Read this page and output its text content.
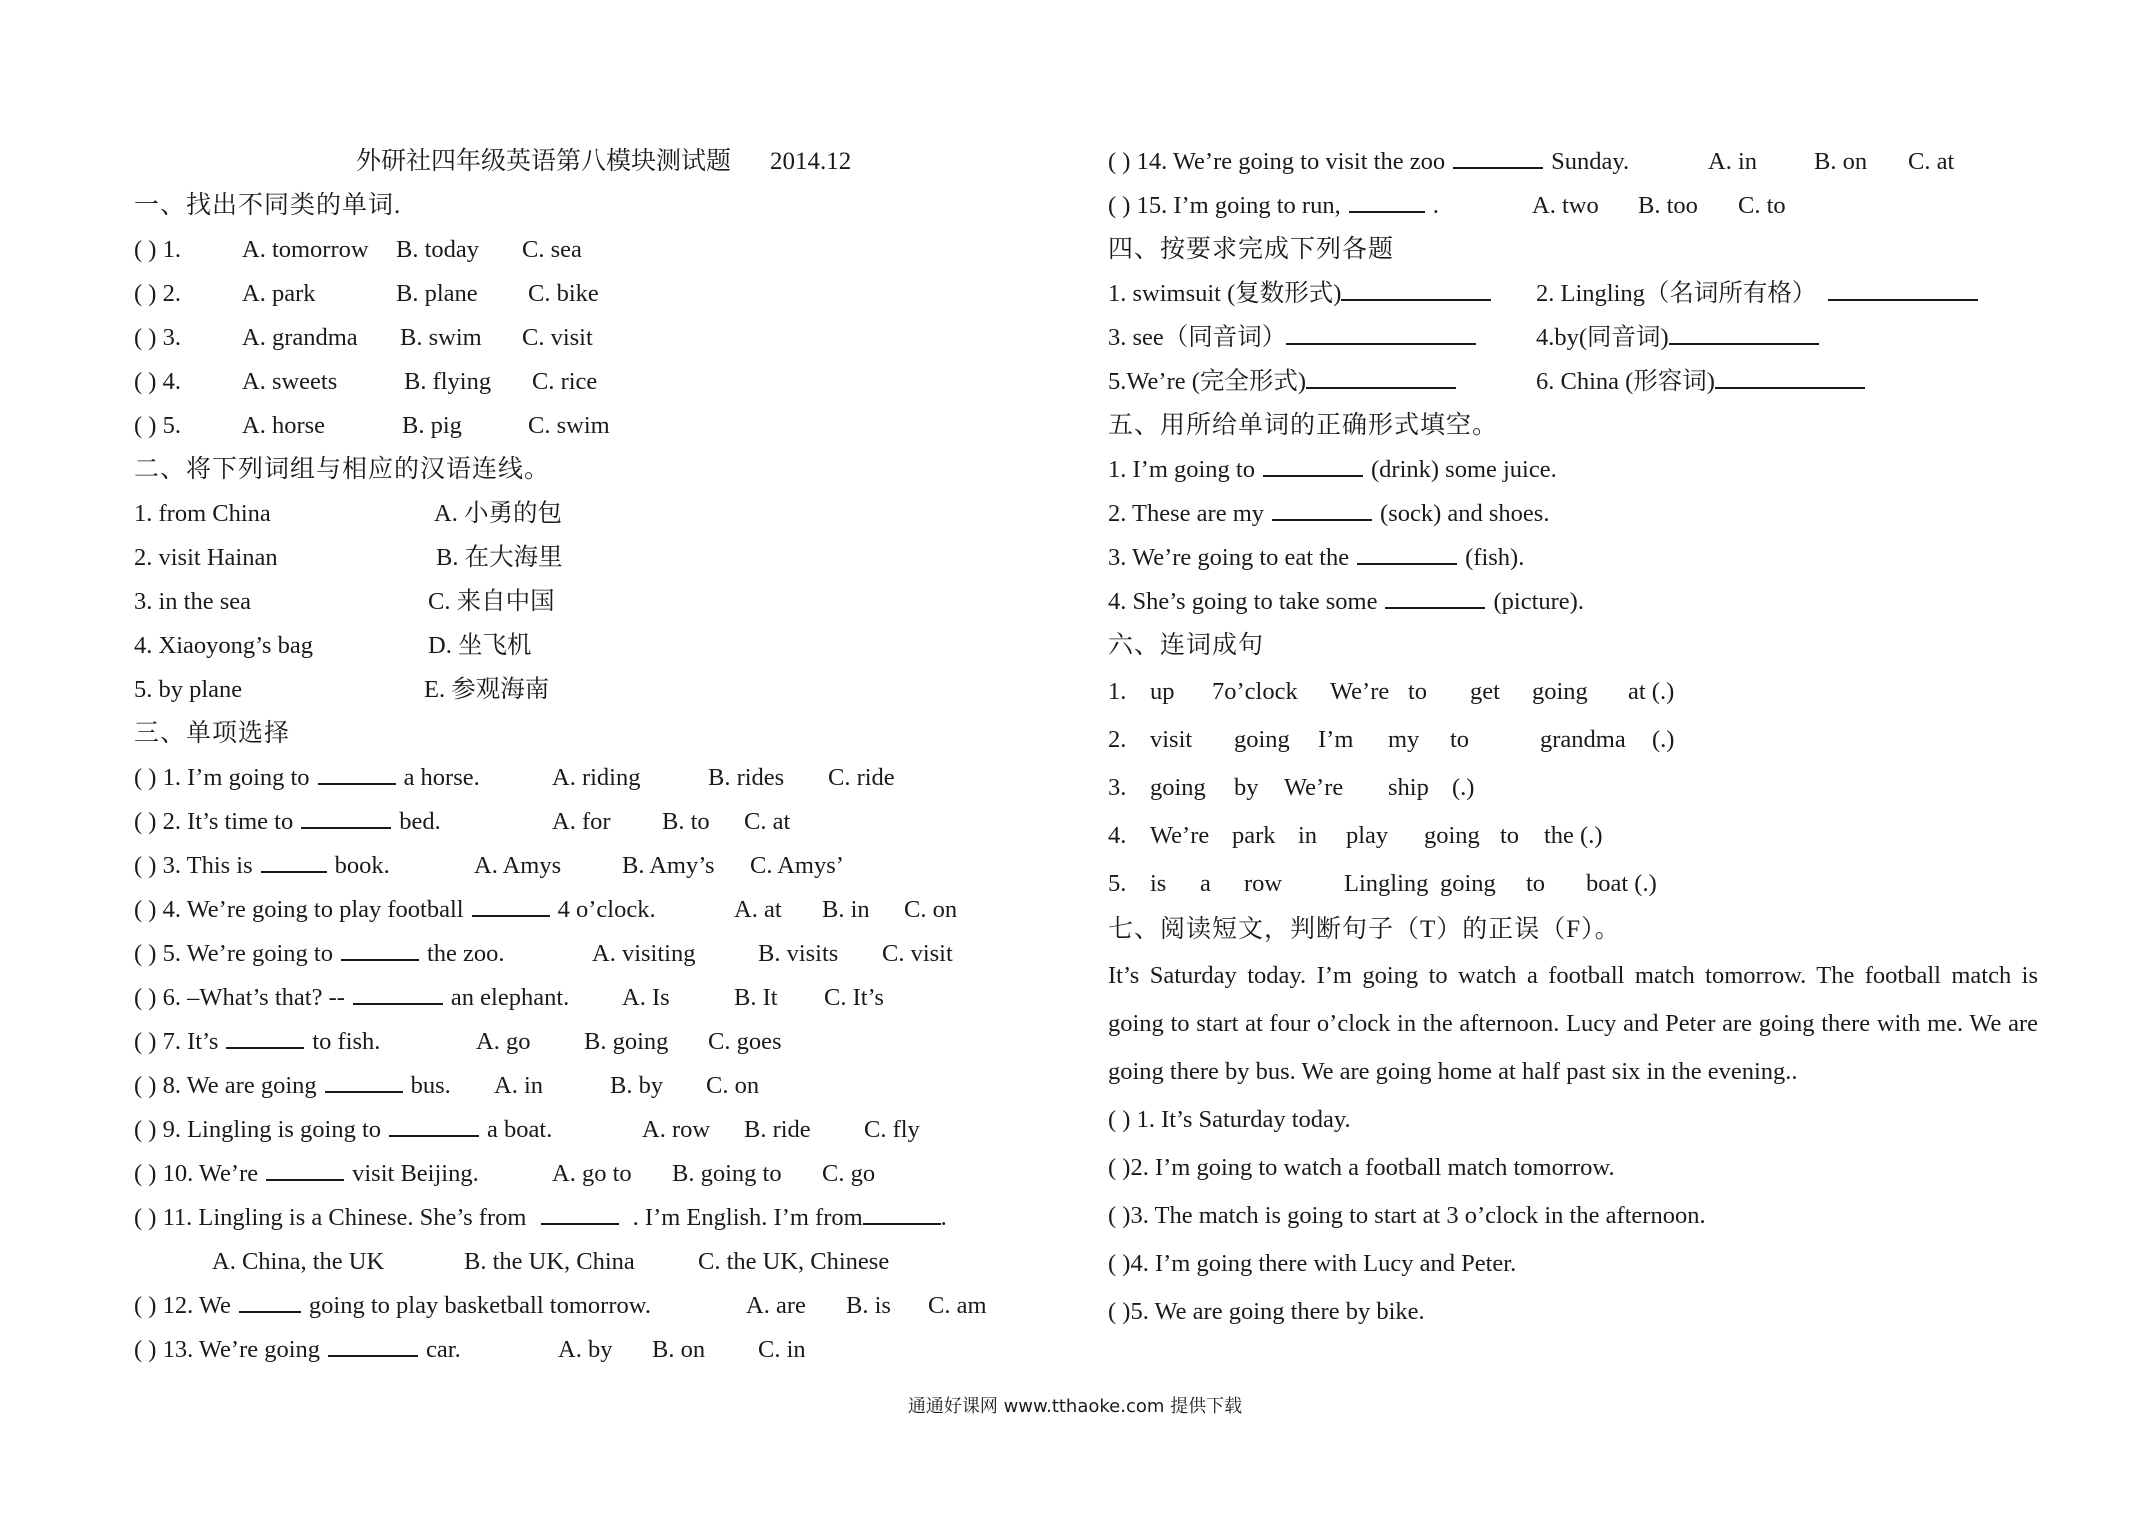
外研社四年级英语第八模块测试题 2014.12
一、找出不同类的单词.
( ) 1. A. tomorrow B. today C. sea
( ) 2. A. park	B. plane C. bike
( ) 3. A. grandma B. swim C. visit
( ) 4. A. sweets	B. flying C. rice
( ) 5. A. horse	B. pig	C. swim
二、将下列词组与相应的汉语连线。
1. from China	A. 小勇的包
2. visit Hainan	B. 在大海里
3. in the sea	C. 来自中国
4. Xiaoyong’s bag	D. 坐飞机
5. by plane	E. 参观海南
三、单项选择
( ) 1. I’m going to	a horse.	A. riding	B. rides C. ride
( ) 2. It’s time to	bed.	A. for B. to C. at
( ) 3. This is	book.	A. Amys B. Amy’s C. Amys’
( ) 4. We’re going to play football	4 o’clock.	A. at B. in C. on
( ) 5. We’re going to	the zoo.	A. visiting	B. visits C. visit
( ) 6. –What’s that? --	an elephant. A. Is	B. It C. It’s
( ) 7. It’s	to fish.	A. go B. going C. goes
( ) 8. We are going	bus. A. in	B. by C. on
( ) 9. Lingling is going to	a boat.	A. row B. ride C. fly
( ) 10. We’re	visit Beijing.	A. go to B. going to C. go
( ) 11. Lingling is a Chinese. She’s from	. I’m English. I’m from	.
A. China, the UK	B. the UK, China	C. the UK, Chinese
( ) 12. We	going to play basketball tomorrow.	A. are B. is C. am
( ) 13. We’re going	car.	A. by B. on C. in
( ) 14. We’re going to visit the zoo	Sunday.	A. in B. on C. at
( ) 15. I’m going to run,	.	A. two B. too C. to
四、按要求完成下列各题
1. swimsuit (复数形式)	2. Lingling（名词所有格）
3. see（同音词）	4.by(同音词)
5.We’re (完全形式)	6. China (形容词)
五、用所给单词的正确形式填空。
1. I’m going to	(drink) some juice.
2. These are my	(sock) and shoes.
3. We’re going to eat the	(fish).
4. She’s going to take some	(picture).
六、连词成句
1. up 7o’clock We’re to get going at (.)
2. visit going I’m my to	grandma (.)
3. going by We’re ship (.)
4. We’re park in play going to the (.)
5. is a row	Lingling going to boat (.)
七、阅读短文，判断句子（T）的正误（F）。
It’s Saturday today. I’m going to watch a football match tomorrow. The football match is going to start at four o’clock in the afternoon. Lucy and Peter are going there with me. We are going there by bus. We are going home at half past six in the evening..
( ) 1. It’s Saturday today.
( )2. I’m going to watch a football match tomorrow.
( )3. The match is going to start at 3 o’clock in the afternoon.
( )4. I’m going there with Lucy and Peter.
( )5. We are going there by bike.
通通好课网 www.tthaoke.com 提供下载
